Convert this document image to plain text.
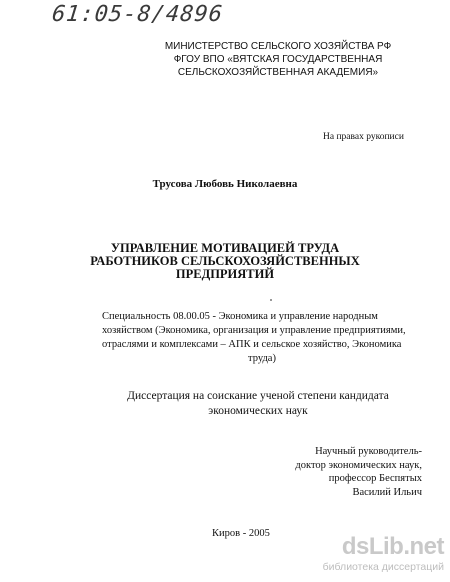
61:05-8/4896
МИНИСТЕРСТВО СЕЛЬСКОГО ХОЗЯЙСТВА РФ
ФГОУ ВПО «ВЯТСКАЯ ГОСУДАРСТВЕННАЯ
СЕЛЬСКОХОЗЯЙСТВЕННАЯ АКАДЕМИЯ»
На правах рукописи
Трусова Любовь Николаевна
УПРАВЛЕНИЕ МОТИВАЦИЕЙ ТРУДА
РАБОТНИКОВ СЕЛЬСКОХОЗЯЙСТВЕННЫХ
ПРЕДПРИЯТИЙ
Специальность 08.00.05 - Экономика и управление народным
хозяйством (Экономика, организация и управление предприятиями,
отраслями и комплексами – АПК и сельское хозяйство, Экономика
труда)
Диссертация на соискание ученой степени кандидата
экономических наук
Научный руководитель-
доктор экономических наук,
профессор Беспятых
Василий Ильич
Киров - 2005	dsLib.net
библиотека диссертаций
